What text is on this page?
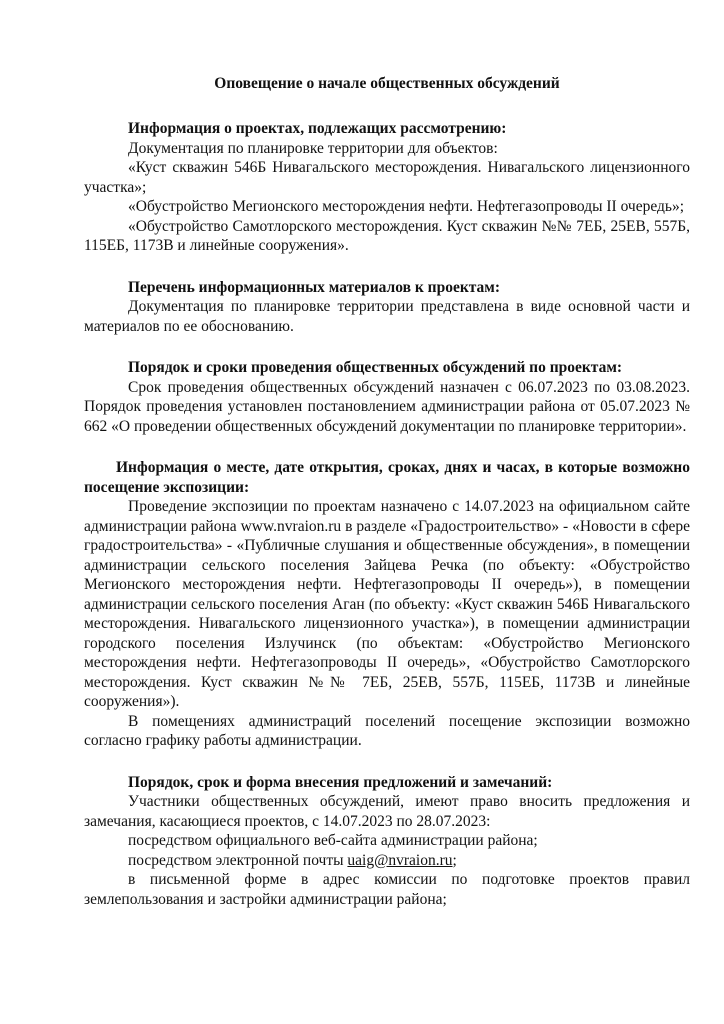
Оповещение о начале общественных обсуждений
Информация о проектах, подлежащих рассмотрению:

Документация по планировке территории для объектов:

«Куст скважин 546Б Нивагальского месторождения. Нивагальского лицензионного участка»;

«Обустройство Мегионского месторождения нефти. Нефтегазопроводы II очередь»;

«Обустройство Самотлорского месторождения. Куст скважин №№ 7ЕБ, 25ЕВ, 557Б, 115ЕБ, 1173В и линейные сооружения».

Перечень информационных материалов к проектам:

Документация по планировке территории представлена в виде основной части и материалов по ее обоснованию.

Порядок и сроки проведения общественных обсуждений по проектам:

Срок проведения общественных обсуждений назначен с 06.07.2023 по 03.08.2023. Порядок проведения установлен постановлением администрации района от 05.07.2023 № 662 «О проведении общественных обсуждений документации по планировке территории».

Информация о месте, дате открытия, сроках, днях и часах, в которые возможно посещение экспозиции:

Проведение экспозиции по проектам назначено с 14.07.2023 на официальном сайте администрации района www.nvraion.ru в разделе «Градостроительство» - «Новости в сфере градостроительства» - «Публичные слушания и общественные обсуждения», в помещении администрации сельского поселения Зайцева Речка (по объекту: «Обустройство Мегионского месторождения нефти. Нефтегазопроводы II очередь»), в помещении администрации сельского поселения Аган (по объекту: «Куст скважин 546Б Нивагальского месторождения. Нивагальского лицензионного участка»), в помещении администрации городского поселения Излучинск (по объектам: «Обустройство Мегионского месторождения нефти. Нефтегазопроводы II очередь», «Обустройство Самотлорского месторождения. Куст скважин №№ 7ЕБ, 25ЕВ, 557Б, 115ЕБ, 1173В и линейные сооружения»).

В помещениях администраций поселений посещение экспозиции возможно согласно графику работы администрации.

Порядок, срок и форма внесения предложений и замечаний:

Участники общественных обсуждений, имеют право вносить предложения и замечания, касающиеся проектов, с 14.07.2023 по 28.07.2023:

посредством официального веб-сайта администрации района;

посредством электронной почты uaig@nvraion.ru;

в письменной форме в адрес комиссии по подготовке проектов правил землепользования и застройки администрации района;
